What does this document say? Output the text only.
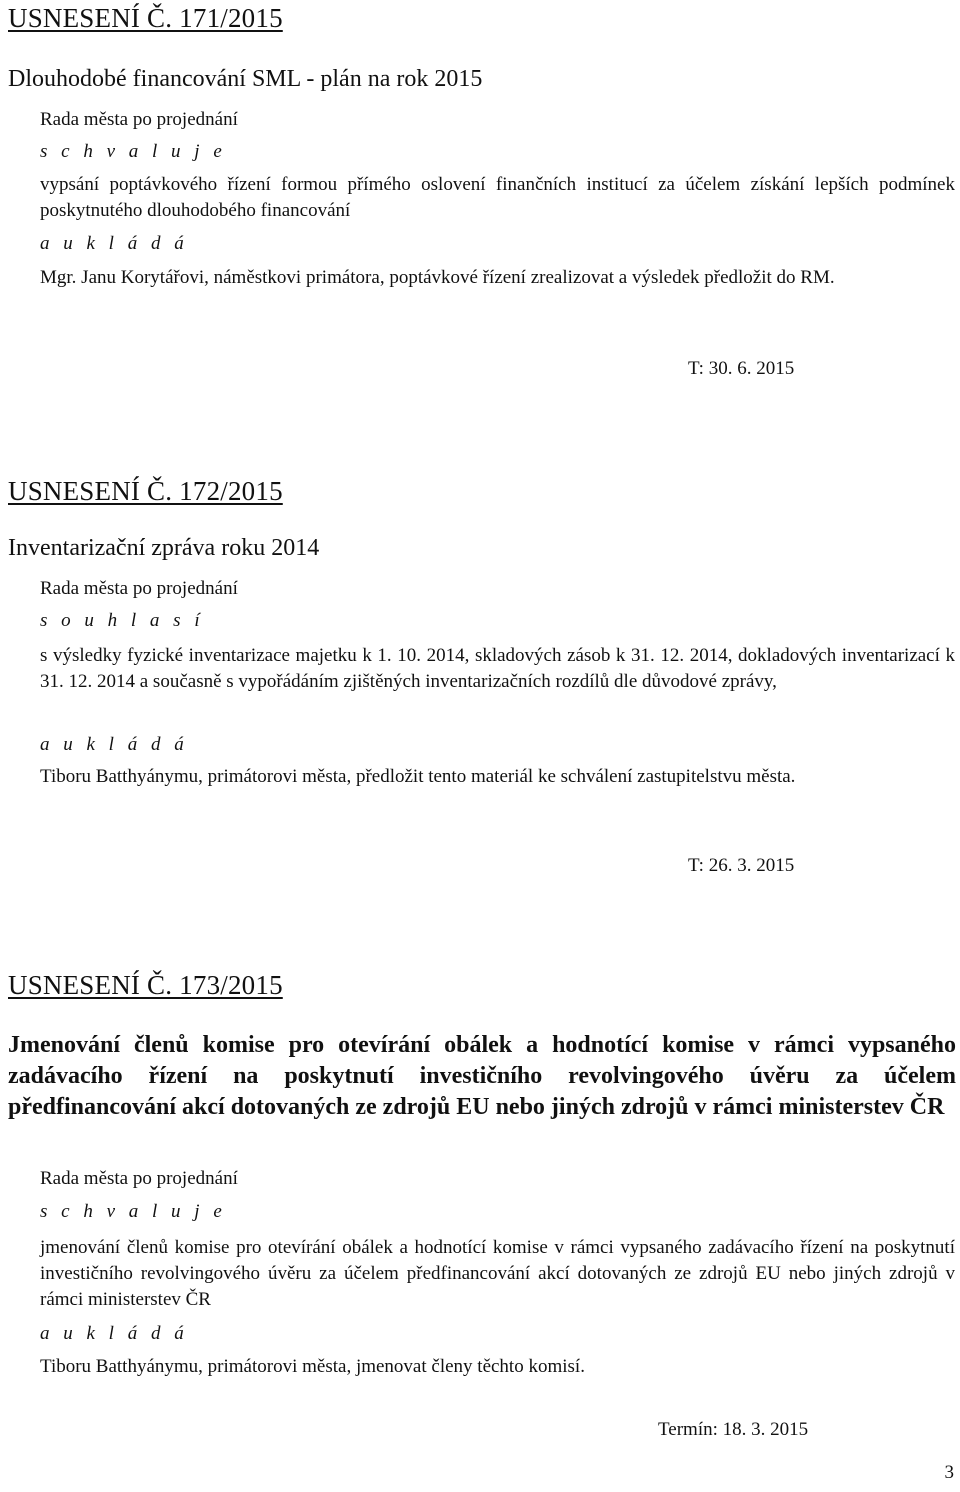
USNESENÍ Č. 171/2015
Dlouhodobé financování SML - plán na rok 2015

Rada města po projednání

s c h v a l u j e

vypsání poptávkového řízení formou přímého oslovení finančních institucí za účelem získání lepších podmínek poskytnutého dlouhodobého financování

a u k l á d á

Mgr. Janu Korytářovi, náměstkovi primátora, poptávkové řízení zrealizovat a výsledek předložit do RM.

T: 30. 6. 2015

USNESENÍ Č. 172/2015
Inventarizační zpráva roku 2014

Rada města po projednání

s o u h l a s í

s výsledky fyzické inventarizace majetku k 1. 10. 2014, skladových zásob k 31. 12. 2014, dokladových inventarizací k 31. 12. 2014 a současně s vypořádáním zjištěných inventarizačních rozdílů dle důvodové zprávy,

a u k l á d á

Tiboru Batthyánymu, primátorovi města, předložit tento materiál ke schválení zastupitelstvu města.

T: 26. 3. 2015

USNESENÍ Č. 173/2015
Jmenování členů komise pro otevírání obálek a hodnotící komise v rámci vypsaného zadávacího řízení na poskytnutí investičního revolvingového úvěru za účelem předfinancování akcí dotovaných ze zdrojů EU nebo jiných zdrojů v rámci ministerstev ČR

Rada města po projednání

s c h v a l u j e

jmenování členů komise pro otevírání obálek a hodnotící komise v rámci vypsaného zadávacího řízení na poskytnutí investičního revolvingového úvěru za účelem předfinancování akcí dotovaných ze zdrojů EU nebo jiných zdrojů v rámci ministerstev ČR

a u k l á d á

Tiboru Batthyánymu, primátorovi města, jmenovat členy těchto komisí.

Termín: 18. 3. 2015

3
